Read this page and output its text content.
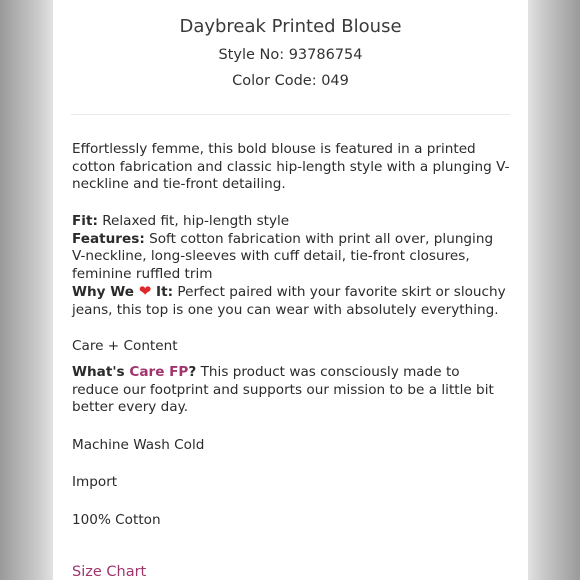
Daybreak Printed Blouse
Style No: 93786754
Color Code: 049
Effortlessly femme, this bold blouse is featured in a printed cotton fabrication and classic hip-length style with a plunging V-neckline and tie-front detailing.
Fit: Relaxed fit, hip-length style
Features: Soft cotton fabrication with print all over, plunging V-neckline, long-sleeves with cuff detail, tie-front closures, feminine ruffled trim
Why We ❤ It: Perfect paired with your favorite skirt or slouchy jeans, this top is one you can wear with absolutely everything.
Care + Content
What's Care FP? This product was consciously made to reduce our footprint and supports our mission to be a little bit better every day.
Machine Wash Cold
Import
100% Cotton
Size Chart
